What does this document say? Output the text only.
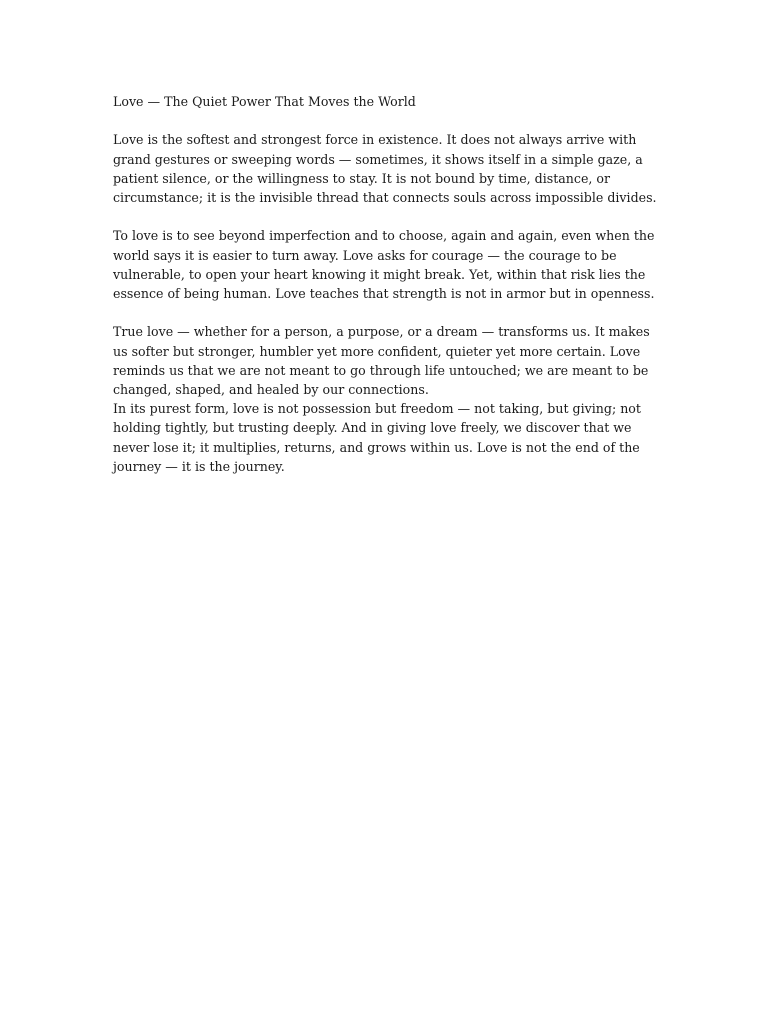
Love — The Quiet Power That Moves the World

Love is the softest and strongest force in existence. It does not always arrive with grand gestures or sweeping words — sometimes, it shows itself in a simple gaze, a patient silence, or the willingness to stay. It is not bound by time, distance, or circumstance; it is the invisible thread that connects souls across impossible divides.

To love is to see beyond imperfection and to choose, again and again, even when the world says it is easier to turn away. Love asks for courage — the courage to be vulnerable, to open your heart knowing it might break. Yet, within that risk lies the essence of being human. Love teaches that strength is not in armor but in openness.

True love — whether for a person, a purpose, or a dream — transforms us. It makes us softer but stronger, humbler yet more confident, quieter yet more certain. Love reminds us that we are not meant to go through life untouched; we are meant to be changed, shaped, and healed by our connections.

In its purest form, love is not possession but freedom — not taking, but giving; not holding tightly, but trusting deeply. And in giving love freely, we discover that we never lose it; it multiplies, returns, and grows within us. Love is not the end of the journey — it is the journey.
